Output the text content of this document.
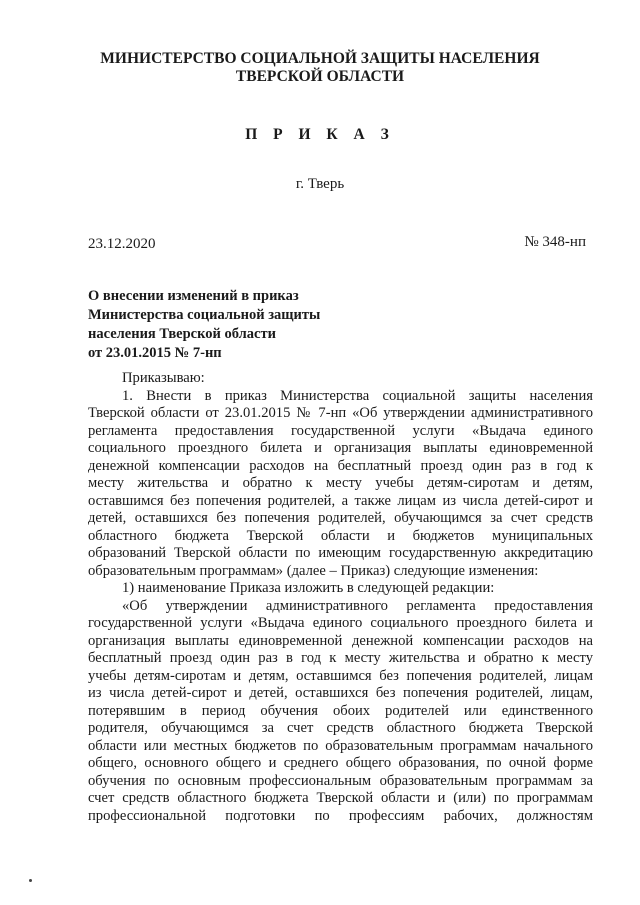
МИНИСТЕРСТВО СОЦИАЛЬНОЙ ЗАЩИТЫ НАСЕЛЕНИЯ
ТВЕРСКОЙ ОБЛАСТИ
П Р И К А З
г. Тверь
23.12.2020	№ 348-нп
О внесении изменений в приказ
Министерства социальной защиты
населения Тверской области
от 23.01.2015 № 7-нп
Приказываю:
1. Внести в приказ Министерства социальной защиты населения
Тверской области от 23.01.2015 № 7-нп «Об утверждении административного
регламента предоставления государственной услуги «Выдача единого
социального проездного билета и организация выплаты единовременной
денежной компенсации расходов на бесплатный проезд один раз в год к
месту жительства и обратно к месту учебы детям-сиротам и детям,
оставшимся без попечения родителей, а также лицам из числа детей-сирот и
детей, оставшихся без попечения родителей, обучающимся за счет средств
областного бюджета Тверской области и бюджетов муниципальных
образований Тверской области по имеющим государственную аккредитацию
образовательным программам» (далее – Приказ) следующие изменения:
1) наименование Приказа изложить в следующей редакции:
«Об утверждении административного регламента предоставления
государственной услуги «Выдача единого социального проездного билета и
организация выплаты единовременной денежной компенсации расходов на
бесплатный проезд один раз в год к месту жительства и обратно к месту
учебы детям-сиротам и детям, оставшимся без попечения родителей, лицам
из числа детей-сирот и детей, оставшихся без попечения родителей, лицам,
потерявшим в период обучения обоих родителей или единственного
родителя, обучающимся за счет средств областного бюджета Тверской
области или местных бюджетов по образовательным программам начального
общего, основного общего и среднего общего образования, по очной форме
обучения по основным профессиональным образовательным программам за
счет средств областного бюджета Тверской области и (или) по программам
профессиональной подготовки по профессиям рабочих, должностям
